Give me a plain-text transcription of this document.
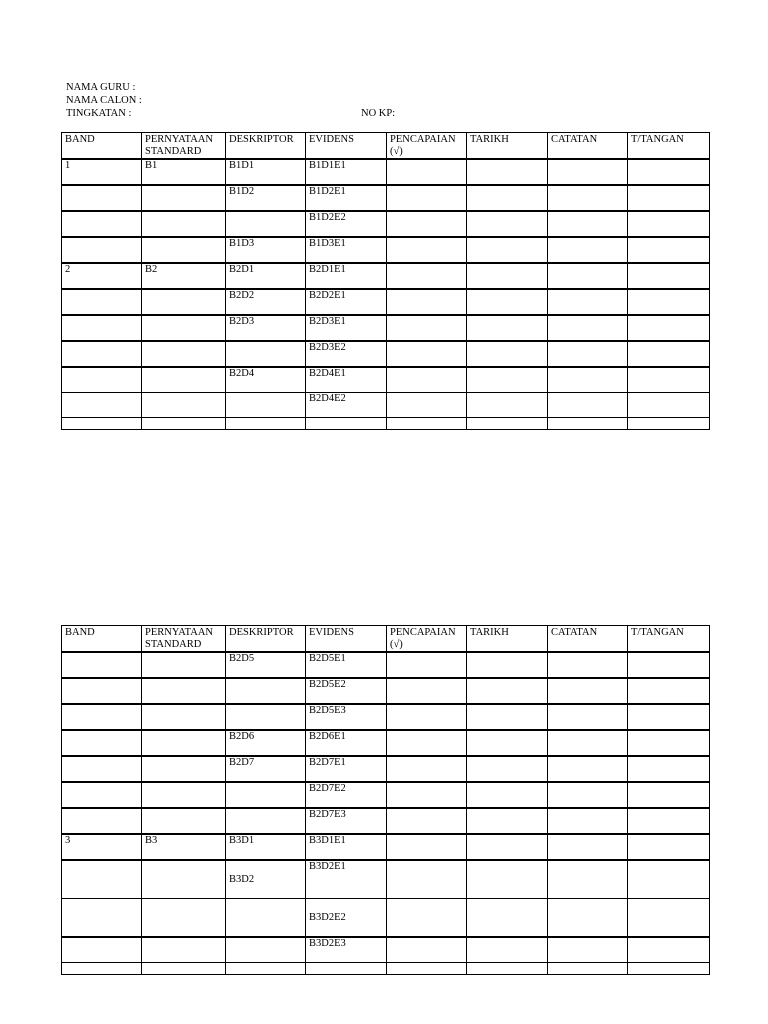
NAMA GURU :
NAMA CALON :
TINGKATAN :	NO KP:
BAND	PERNYATAAN STANDARD	DESKRIPTOR	EVIDENS	PENCAPAIAN (√)	TARIKH	CATATAN	T/TANGAN
1	B1	B1D1	B1D1E1				
		B1D2	B1D2E1				
			B1D2E2				
		B1D3	B1D3E1				
2	B2	B2D1	B2D1E1				
		B2D2	B2D2E1				
		B2D3	B2D3E1				
			B2D3E2				
		B2D4	B2D4E1				
			B2D4E2				

BAND	PERNYATAAN STANDARD	DESKRIPTOR	EVIDENS	PENCAPAIAN (√)	TARIKH	CATATAN	T/TANGAN
		B2D5	B2D5E1				
			B2D5E2				
			B2D5E3				
		B2D6	B2D6E1				
		B2D7	B2D7E1				
			B2D7E2				
			B2D7E3				
3	B3	B3D1	B3D1E1				
		B3D2	B3D2E1				
			B3D2E2				
			B3D2E3				
